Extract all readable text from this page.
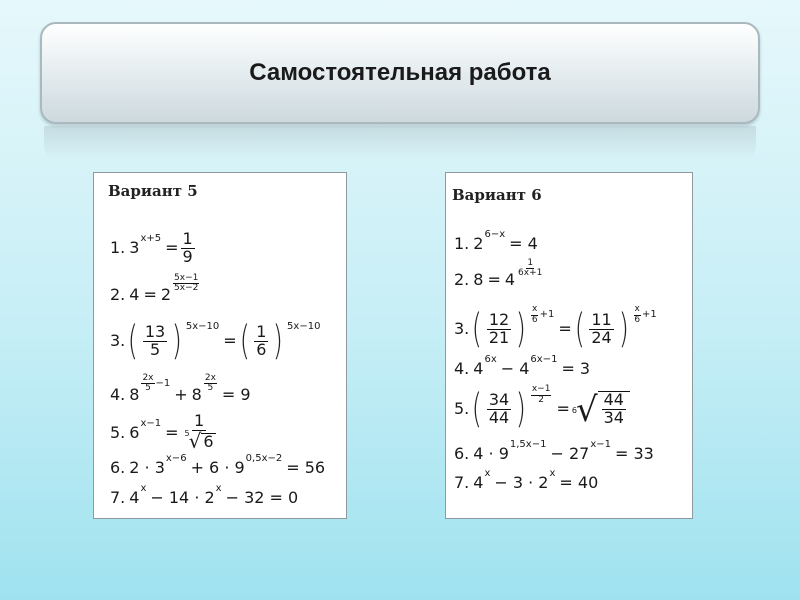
Самостоятельная работа
Вариант 5
1. 3 $x+5 = \frac{1}{9}$
2. 4 = 2
$\frac{5x-1}{5x-2}$
3. ( $\frac{13}{5}$ ) 5x−10
= ( $\frac{1}{6}$ ) 5x−10
4. 8
$\frac{2x}{5} -1$
+ 8
$\frac{2x}{5}$
= 9
5. 6 $x-1 = \frac{1}{5 √ 6}$
6. 2 · 3 x−6 + 6 · 9 0,5x−2 = 56
7. 4 x − 14 · 2 x − 32 = 0
Вариант 6
1. 2 6−x = 4
2. 8 = 4
$\frac{1}{6x+1}$
3. ( $\frac{12}{21}$ ) $\frac{x}{6} +1$
= ( $\frac{11}{24}$ ) $\frac{x}{6} +1$
4. 4 6x − 4 6x−1 = 3
5. ( $\frac{34}{44}$ ) $\frac{x-1}{2}$
= 6 √ $\frac{44}{34}$
6. 4 · 9 1,5x−1 − 27 x−1 = 33
7. 4 x − 3 · 2 x = 40
